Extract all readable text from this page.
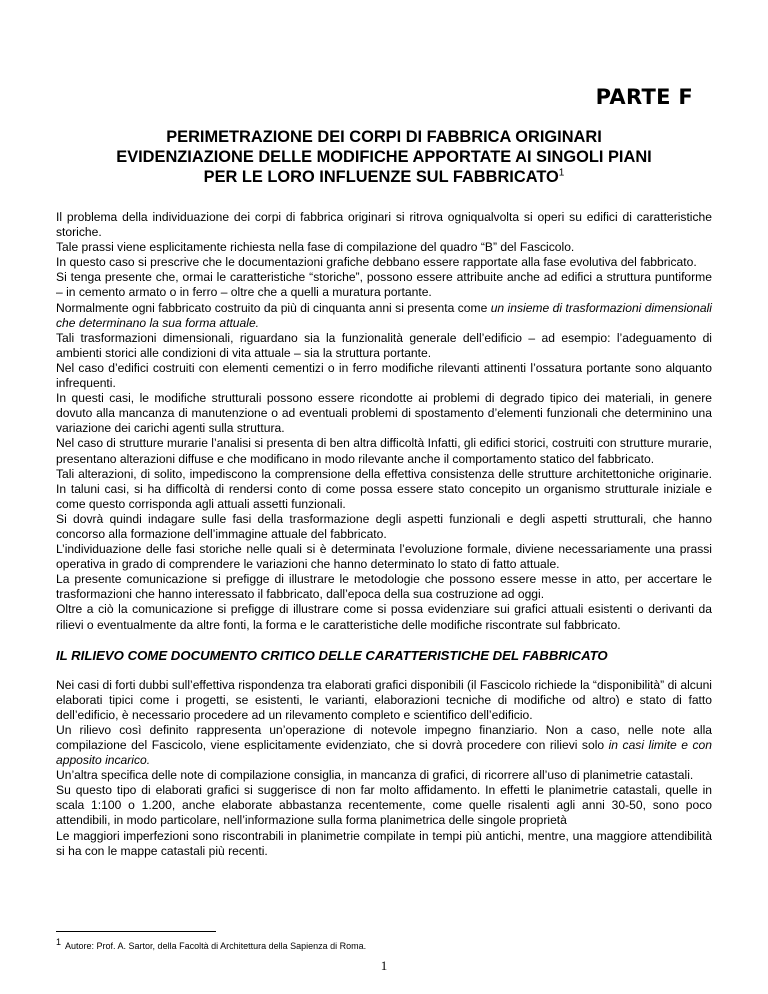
PARTE F
PERIMETRAZIONE DEI CORPI DI FABBRICA ORIGINARI
EVIDENZIAZIONE DELLE MODIFICHE APPORTATE AI SINGOLI PIANI
PER LE LORO INFLUENZE SUL FABBRICATO$^1$

Il problema della individuazione dei corpi di fabbrica originari si ritrova ogniqualvolta si operi su edifici di caratteristiche storiche.

Tale prassi viene esplicitamente richiesta nella fase di compilazione del quadro “B” del Fascicolo.

In questo caso si prescrive che le documentazioni grafiche debbano essere rapportate alla fase evolutiva del fabbricato.

Si tenga presente che, ormai le caratteristiche “storiche”, possono essere attribuite anche ad edifici a struttura puntiforme – in cemento armato o in ferro – oltre che a quelli a muratura portante.

Normalmente ogni fabbricato costruito da più di cinquanta anni si presenta come un insieme di trasformazioni dimensionali che determinano la sua forma attuale.

Tali trasformazioni dimensionali, riguardano sia la funzionalità generale dell’edificio – ad esempio: l’adeguamento di ambienti storici alle condizioni di vita attuale – sia la struttura portante.

Nel caso d’edifici costruiti con elementi cementizi o in ferro modifiche rilevanti attinenti l’ossatura portante sono alquanto infrequenti.

In questi casi, le modifiche strutturali possono essere ricondotte ai problemi di degrado tipico dei materiali, in genere dovuto alla mancanza di manutenzione o ad eventuali problemi di spostamento d’elementi funzionali che determinino una variazione dei carichi agenti sulla struttura.

Nel caso di strutture murarie l’analisi si presenta di ben altra difficoltà Infatti, gli edifici storici, costruiti con strutture murarie, presentano alterazioni diffuse e che modificano in modo rilevante anche il comportamento statico del fabbricato.

Tali alterazioni, di solito, impediscono la comprensione della effettiva consistenza delle strutture architettoniche originarie. In taluni casi, si ha difficoltà di rendersi conto di come possa essere stato concepito un organismo strutturale iniziale e come questo corrisponda agli attuali assetti funzionali.

Si dovrà quindi indagare sulle fasi della trasformazione degli aspetti funzionali e degli aspetti strutturali, che hanno concorso alla formazione dell’immagine attuale del fabbricato.

L’individuazione delle fasi storiche nelle quali si è determinata l’evoluzione formale, diviene necessariamente una prassi operativa in grado di comprendere le variazioni che hanno determinato lo stato di fatto attuale.

La presente comunicazione si prefigge di illustrare le metodologie che possono essere messe in atto, per accertare le trasformazioni che hanno interessato il fabbricato, dall’epoca della sua costruzione ad oggi.

Oltre a ciò la comunicazione si prefigge di illustrare come si possa evidenziare sui grafici attuali esistenti o derivanti da rilievi o eventualmente da altre fonti, la forma e le caratteristiche delle modifiche riscontrate sul fabbricato.

IL RILIEVO COME DOCUMENTO CRITICO DELLE CARATTERISTICHE DEL FABBRICATO

Nei casi di forti dubbi sull’effettiva rispondenza tra elaborati grafici disponibili (il Fascicolo richiede la “disponibilità” di alcuni elaborati tipici come i progetti, se esistenti, le varianti, elaborazioni tecniche di modifiche od altro) e stato di fatto dell’edificio, è necessario procedere ad un rilevamento completo e scientifico dell’edificio.

Un rilievo così definito rappresenta un’operazione di notevole impegno finanziario. Non a caso, nelle note alla compilazione del Fascicolo, viene esplicitamente evidenziato, che si dovrà procedere con rilievi solo in casi limite e con apposito incarico.

Un’altra specifica delle note di compilazione consiglia, in mancanza di grafici, di ricorrere all’uso di planimetrie catastali.

Su questo tipo di elaborati grafici si suggerisce di non far molto affidamento. In effetti le planimetrie catastali, quelle in scala 1:100 o 1.200, anche elaborate abbastanza recentemente, come quelle risalenti agli anni 30-50, sono poco attendibili, in modo particolare, nell’informazione sulla forma planimetrica delle singole proprietà

Le maggiori imperfezioni sono riscontrabili in planimetrie compilate in tempi più antichi, mentre, una maggiore attendibilità si ha con le mappe catastali più recenti.

$^1$ Autore: Prof. A. Sartor, della Facoltà di Architettura della Sapienza di Roma.
1
